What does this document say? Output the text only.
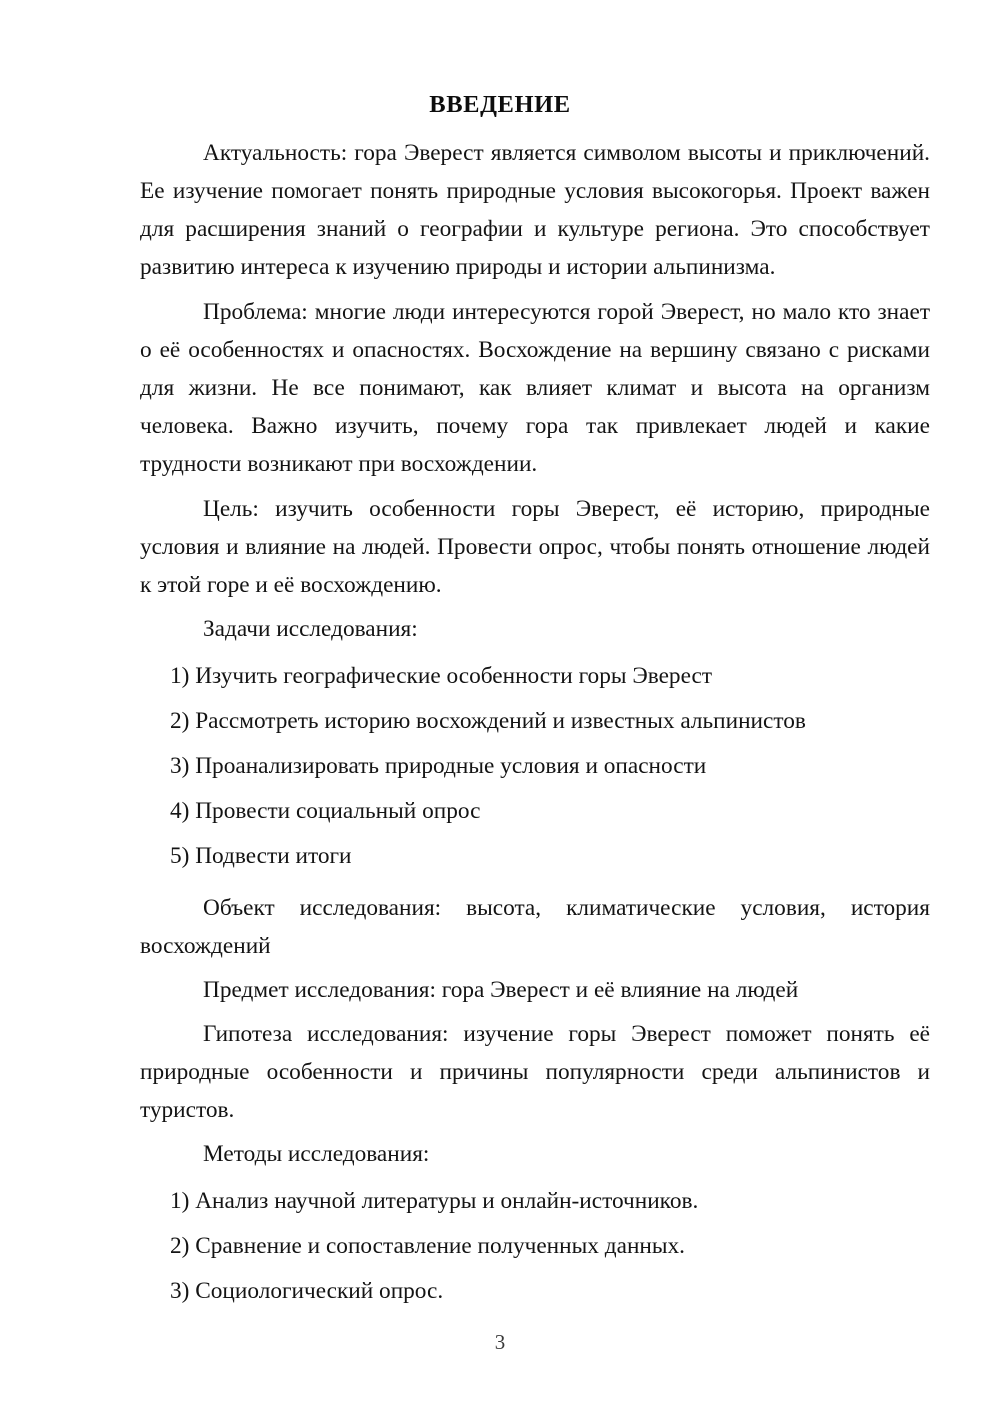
ВВЕДЕНИЕ

Актуальность: гора Эверест является символом высоты и приключений. Ее изучение помогает понять природные условия высокогорья. Проект важен для расширения знаний о географии и культуре региона. Это способствует развитию интереса к изучению природы и истории альпинизма.

Проблема: многие люди интересуются горой Эверест, но мало кто знает о её особенностях и опасностях. Восхождение на вершину связано с рисками для жизни. Не все понимают, как влияет климат и высота на организм человека. Важно изучить, почему гора так привлекает людей и какие трудности возникают при восхождении.

Цель: изучить особенности горы Эверест, её историю, природные условия и влияние на людей. Провести опрос, чтобы понять отношение людей к этой горе и её восхождению.

Задачи исследования:

1) Изучить географические особенности горы Эверест
2) Рассмотреть историю восхождений и известных альпинистов
3) Проанализировать природные условия и опасности
4) Провести социальный опрос
5) Подвести итоги

Объект исследования: высота, климатические условия, история восхождений

Предмет исследования: гора Эверест и её влияние на людей

Гипотеза исследования: изучение горы Эверест поможет понять её природные особенности и причины популярности среди альпинистов и туристов.

Методы исследования:

1) Анализ научной литературы и онлайн-источников.
2) Сравнение и сопоставление полученных данных.
3) Социологический опрос.
3
